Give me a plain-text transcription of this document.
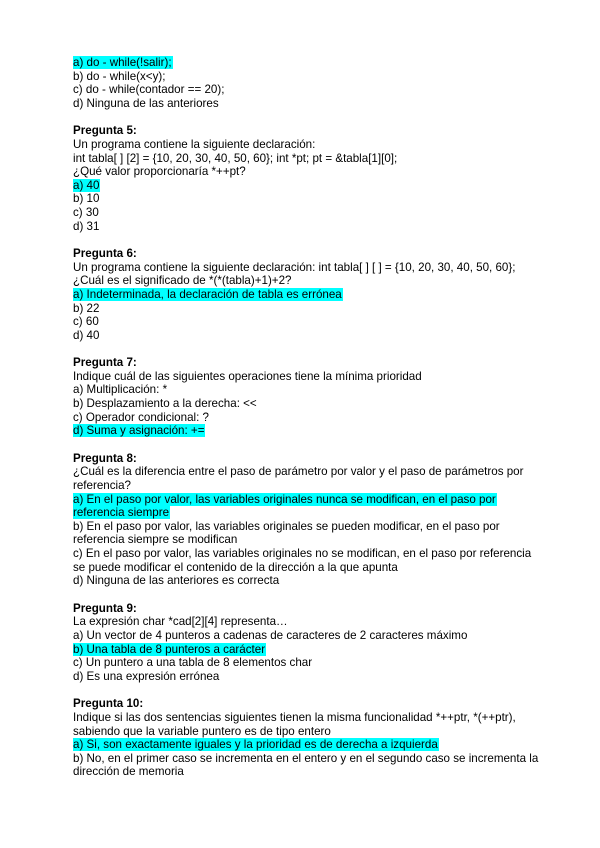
a) do - while(!salir);
b) do - while(x<y);
c) do - while(contador == 20);
d) Ninguna de las anteriores
Pregunta 5:
Un programa contiene la siguiente declaración:
int tabla[ ] [2] = {10, 20, 30, 40, 50, 60}; int *pt; pt = &tabla[1][0];
¿Qué valor proporcionaría *++pt?
a) 40
b) 10
c) 30
d) 31
Pregunta 6:
Un programa contiene la siguiente declaración: int tabla[ ] [ ] = {10, 20, 30, 40, 50, 60};
¿Cuál es el significado de *(*(tabla)+1)+2?
a) Indeterminada, la declaración de tabla es errónea
b) 22
c) 60
d) 40
Pregunta 7:
Indique cuál de las siguientes operaciones tiene la mínima prioridad
a) Multiplicación: *
b) Desplazamiento a la derecha: <<
c) Operador condicional: ?
d) Suma y asignación: +=
Pregunta 8:
¿Cuál es la diferencia entre el paso de parámetro por valor y el paso de parámetros por
referencia?
a) En el paso por valor, las variables originales nunca se modifican, en el paso por
referencia siempre
b) En el paso por valor, las variables originales se pueden modificar, en el paso por
referencia siempre se modifican
c) En el paso por valor, las variables originales no se modifican, en el paso por referencia
se puede modificar el contenido de la dirección a la que apunta
d) Ninguna de las anteriores es correcta
Pregunta 9:
La expresión char *cad[2][4] representa…
a) Un vector de 4 punteros a cadenas de caracteres de 2 caracteres máximo
b) Una tabla de 8 punteros a carácter
c) Un puntero a una tabla de 8 elementos char
d) Es una expresión errónea
Pregunta 10:
Indique si las dos sentencias siguientes tienen la misma funcionalidad *++ptr, *(++ptr),
sabiendo que la variable puntero es de tipo entero
a) Si, son exactamente iguales y la prioridad es de derecha a izquierda
b) No, en el primer caso se incrementa en el entero y en el segundo caso se incrementa la
dirección de memoria
